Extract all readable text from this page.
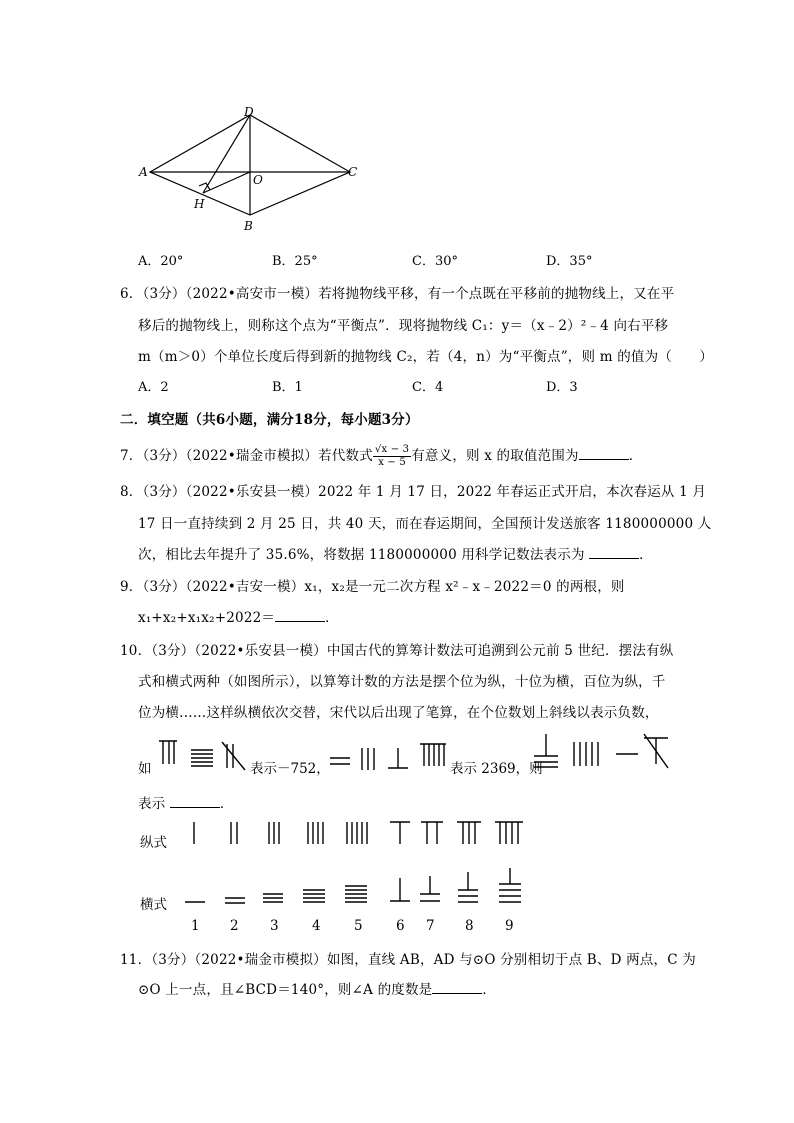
D
A
O
C
H
B
A．20°	B．25°	C．30°	D．35°
6．（3分）（2022•高安市一模）若将抛物线平移，有一个点既在平移前的抛物线上，又在平
移后的抛物线上，则称这个点为“平衡点”．现将抛物线 C₁：y＝（x﹣2）²﹣4 向右平移
m（m＞0）个单位长度后得到新的抛物线 C₂，若（4，n）为“平衡点”，则 m 的值为（　　）
A．2	B．1	C．4	D．3
二．填空题（共6小题，满分18分，每小题3分）
7．（3分）（2022•瑞金市模拟）若代数式 $\frac{√x - 3}{x - 5}$ 有意义，则 x 的取值范围为	．
8．（3分）（2022•乐安县一模）2022 年 1 月 17 日，2022 年春运正式开启，本次春运从 1 月
17 日一直持续到 2 月 25 日，共 40 天，而在春运期间，全国预计发送旅客 1180000000 人
次，相比去年提升了 35.6%，将数据 1180000000 用科学记数法表示为	．
9．（3分）（2022•吉安一模）x₁，x₂是一元二次方程 x²﹣x﹣2022＝0 的两根，则
x₁+x₂+x₁x₂+2022＝	．
10．（3分）（2022•乐安县一模）中国古代的算筹计数法可追溯到公元前 5 世纪．摆法有纵
式和横式两种（如图所示），以算筹计数的方法是摆个位为纵，十位为横，百位为纵，千
位为横……这样纵横依次交替，宋代以后出现了笔算，在个位数划上斜线以表示负数，
如	表示－752，	表示 2369，则
表示	．
纵式
横式
1 2 3 4 5 6 7 8 9
11．（3分）（2022•瑞金市模拟）如图，直线 AB，AD 与⊙O 分别相切于点 B、D 两点，C 为
⊙O 上一点，且∠BCD＝140°，则∠A 的度数是	．
